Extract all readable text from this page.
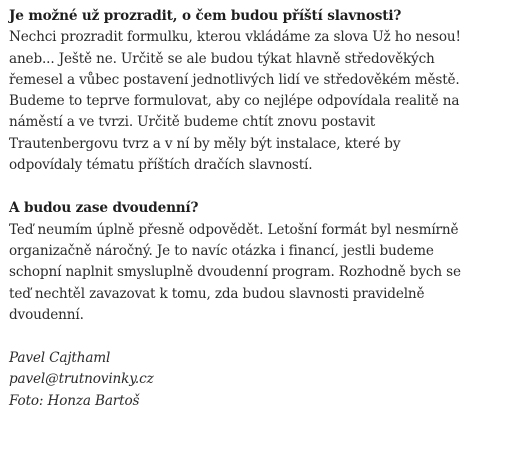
Je možné už prozradit, o čem budou příští slavnosti?

Nechci prozradit formulku, kterou vkládáme za slova Už ho nesou!
aneb... Ještě ne. Určitě se ale budou týkat hlavně středověkých
řemesel a vůbec postavení jednotlivých lidí ve středověkém městě.
Budeme to teprve formulovat, aby co nejlépe odpovídala realitě na
náměstí a ve tvrzi. Určitě budeme chtít znovu postavit
Trautenbergovu tvrz a v ní by měly být instalace, které by
odpovídaly tématu příštích dračích slavností.

A budou zase dvoudenní?

Teď neumím úplně přesně odpovědět. Letošní formát byl nesmírně
organizačně náročný. Je to navíc otázka i financí, jestli budeme
schopní naplnit smysluplně dvoudenní program. Rozhodně bych se
teď nechtěl zavazovat k tomu, zda budou slavnosti pravidelně
dvoudenní.

Pavel Cajthaml
pavel@trutnovinky.cz
Foto: Honza Bartoš
